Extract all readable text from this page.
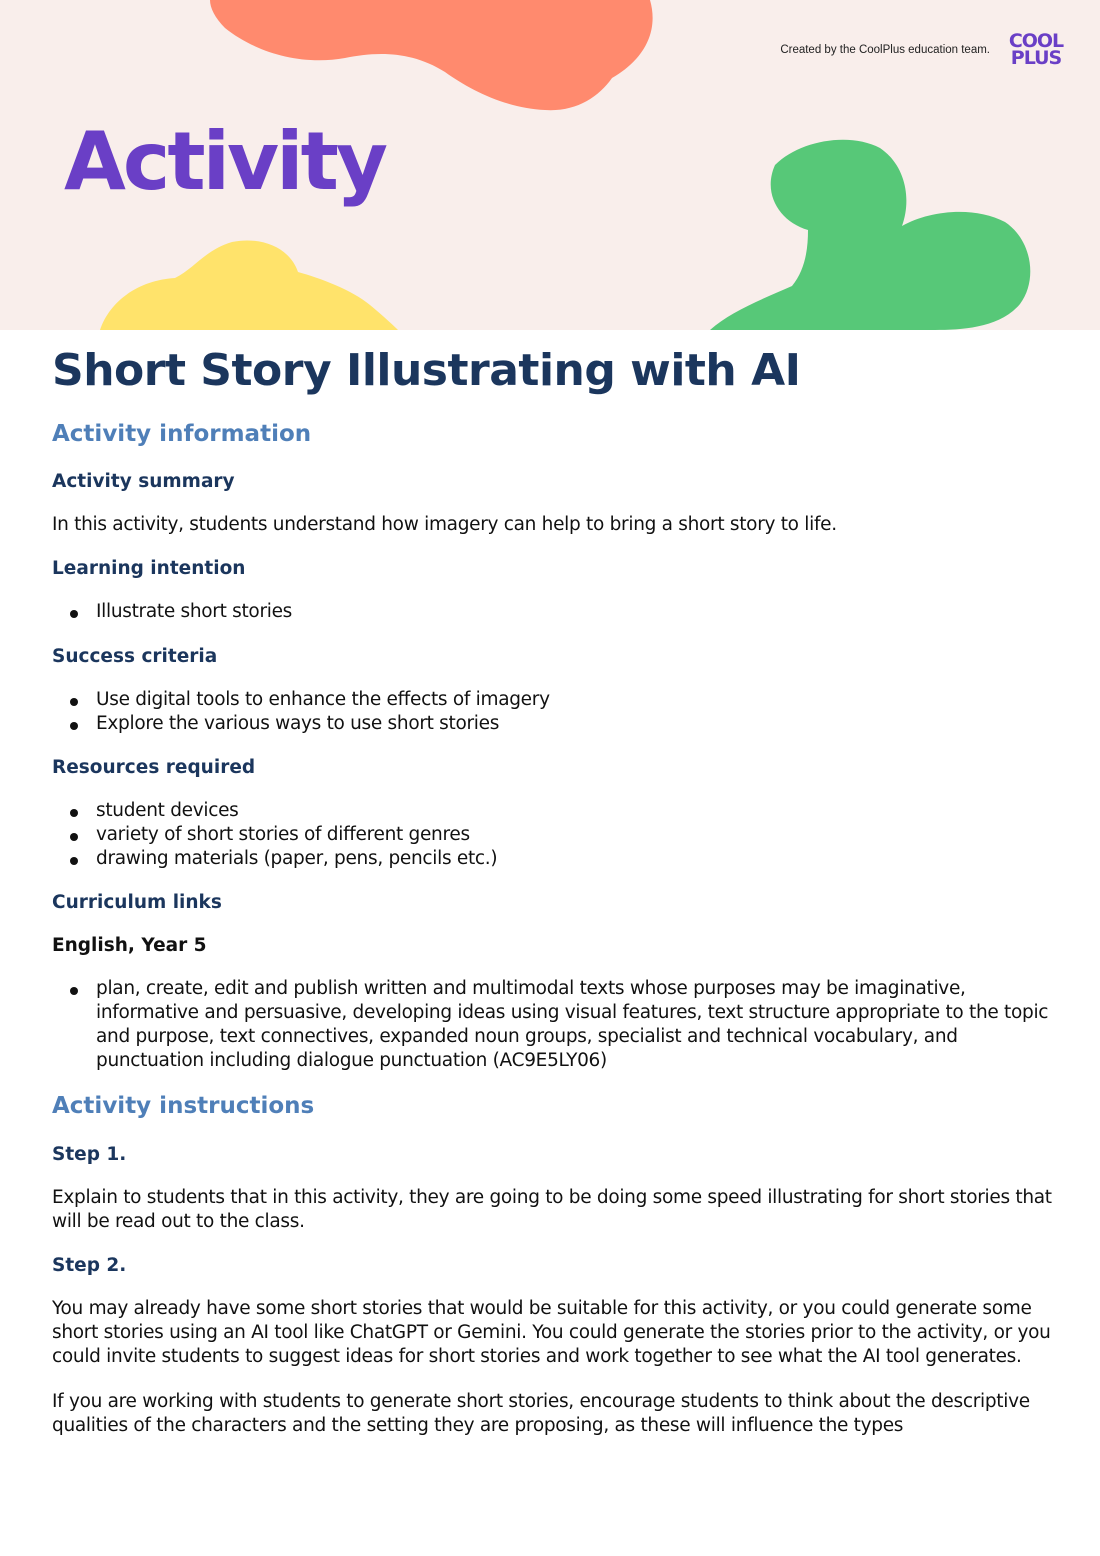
Created by the CoolPlus education team. COOL
PLUS
Activity
Short Story Illustrating with AI
Activity information
Activity summary

In this activity, students understand how imagery can help to bring a short story to life.

Learning intention
Illustrate short stories
Success criteria
Use digital tools to enhance the effects of imagery
Explore the various ways to use short stories
Resources required
student devices
variety of short stories of different genres
drawing materials (paper, pens, pencils etc.)
Curriculum links
English, Year 5
plan, create, edit and publish written and multimodal texts whose purposes may be imaginative, informative and persuasive, developing ideas using visual features, text structure appropriate to the topic and purpose, text connectives, expanded noun groups, specialist and technical vocabulary, and punctuation including dialogue punctuation (AC9E5LY06)
Activity instructions
Step 1.

Explain to students that in this activity, they are going to be doing some speed illustrating for short stories that will be read out to the class.

Step 2.

You may already have some short stories that would be suitable for this activity, or you could generate some short stories using an AI tool like ChatGPT or Gemini. You could generate the stories prior to the activity, or you could invite students to suggest ideas for short stories and work together to see what the AI tool generates.

If you are working with students to generate short stories, encourage students to think about the descriptive qualities of the characters and the setting they are proposing, as these will influence the types
